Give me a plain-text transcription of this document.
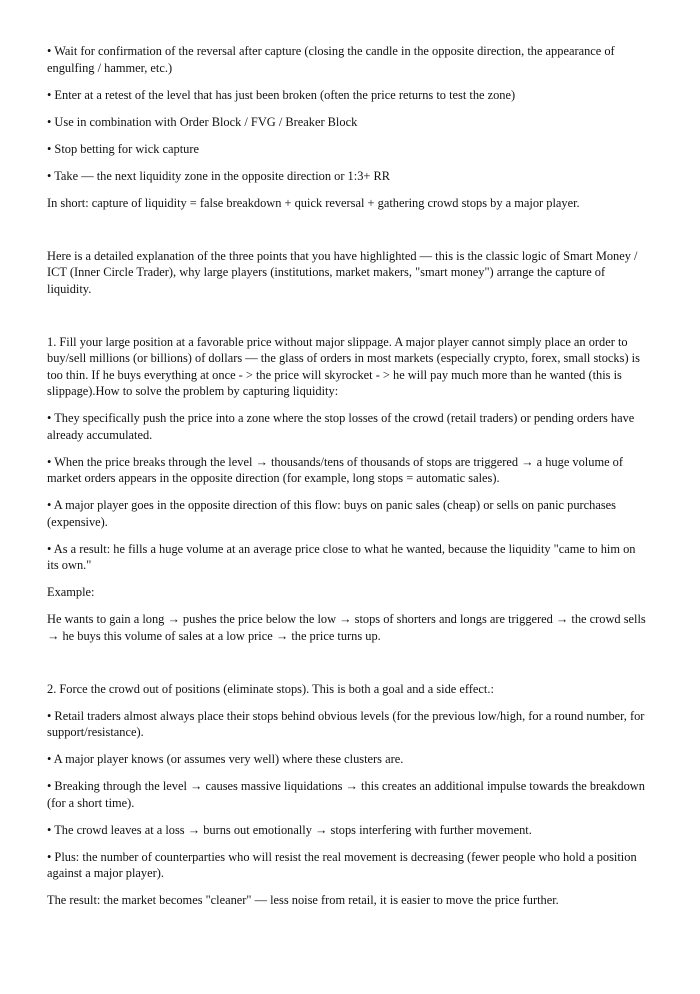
• Wait for confirmation of the reversal after capture (closing the candle in the opposite direction, the appearance of engulfing / hammer, etc.)

• Enter at a retest of the level that has just been broken (often the price returns to test the zone)

• Use in combination with Order Block / FVG / Breaker Block

• Stop betting for wick capture

• Take — the next liquidity zone in the opposite direction or 1:3+ RR

In short: capture of liquidity = false breakdown + quick reversal + gathering crowd stops by a major player.

Here is a detailed explanation of the three points that you have highlighted — this is the classic logic of Smart Money / ICT (Inner Circle Trader), why large players (institutions, market makers, "smart money") arrange the capture of liquidity.

1. Fill your large position at a favorable price without major slippage. A major player cannot simply place an order to buy/sell millions (or billions) of dollars — the glass of orders in most markets (especially crypto, forex, small stocks) is too thin. If he buys everything at once - > the price will skyrocket - > he will pay much more than he wanted (this is slippage).How to solve the problem by capturing liquidity:

• They specifically push the price into a zone where the stop losses of the crowd (retail traders) or pending orders have already accumulated.

• When the price breaks through the level → thousands/tens of thousands of stops are triggered → a huge volume of market orders appears in the opposite direction (for example, long stops = automatic sales).

• A major player goes in the opposite direction of this flow: buys on panic sales (cheap) or sells on panic purchases (expensive).

• As a result: he fills a huge volume at an average price close to what he wanted, because the liquidity "came to him on its own."

Example:

He wants to gain a long → pushes the price below the low → stops of shorters and longs are triggered → the crowd sells → he buys this volume of sales at a low price → the price turns up.

2. Force the crowd out of positions (eliminate stops). This is both a goal and a side effect.:

• Retail traders almost always place their stops behind obvious levels (for the previous low/high, for a round number, for support/resistance).

• A major player knows (or assumes very well) where these clusters are.

• Breaking through the level → causes massive liquidations → this creates an additional impulse towards the breakdown (for a short time).

• The crowd leaves at a loss → burns out emotionally → stops interfering with further movement.

• Plus: the number of counterparties who will resist the real movement is decreasing (fewer people who hold a position against a major player).

The result: the market becomes "cleaner" — less noise from retail, it is easier to move the price further.
